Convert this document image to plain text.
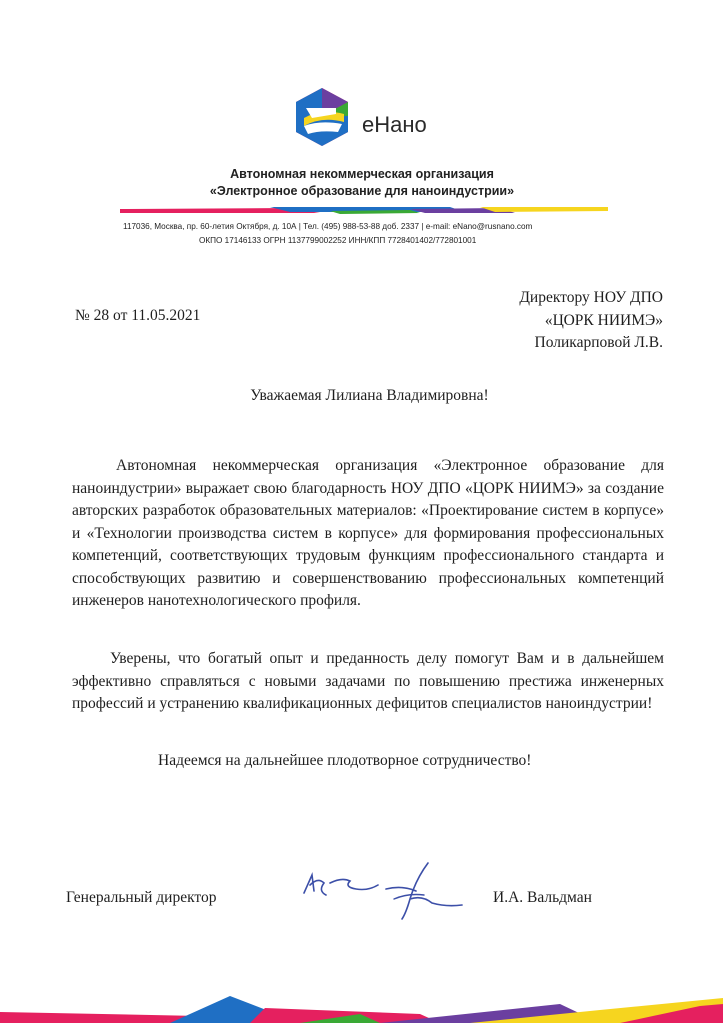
eНано
Автономная некоммерческая организация
«Электронное образование для наноиндустрии»
117036, Москва, пр. 60-летия Октября, д. 10А | Тел. (495) 988-53-88 доб. 2337 | e-mail: eNano@rusnano.com
ОКПО 17146133 ОГРН 1137799002252 ИНН/КПП 7728401402/772801001
№ 28 от 11.05.2021
Директору НОУ ДПО
«ЦОРК НИИМЭ»
Поликарповой Л.В.
Уважаемая Лилиана Владимировна!
Автономная некоммерческая организация «Электронное образование для наноиндустрии» выражает свою благодарность НОУ ДПО «ЦОРК НИИМЭ» за создание авторских разработок образовательных материалов: «Проектирование систем в корпусе» и «Технологии производства систем в корпусе» для формирования профессиональных компетенций, соответствующих трудовым функциям профессионального стандарта и способствующих развитию и совершенствованию профессиональных компетенций инженеров нанотехнологического профиля.
Уверены, что богатый опыт и преданность делу помогут Вам и в дальнейшем эффективно справляться с новыми задачами по повышению престижа инженерных профессий и устранению квалификационных дефицитов специалистов наноиндустрии!
Надеемся на дальнейшее плодотворное сотрудничество!
Генеральный директор	И.А. Вальдман
